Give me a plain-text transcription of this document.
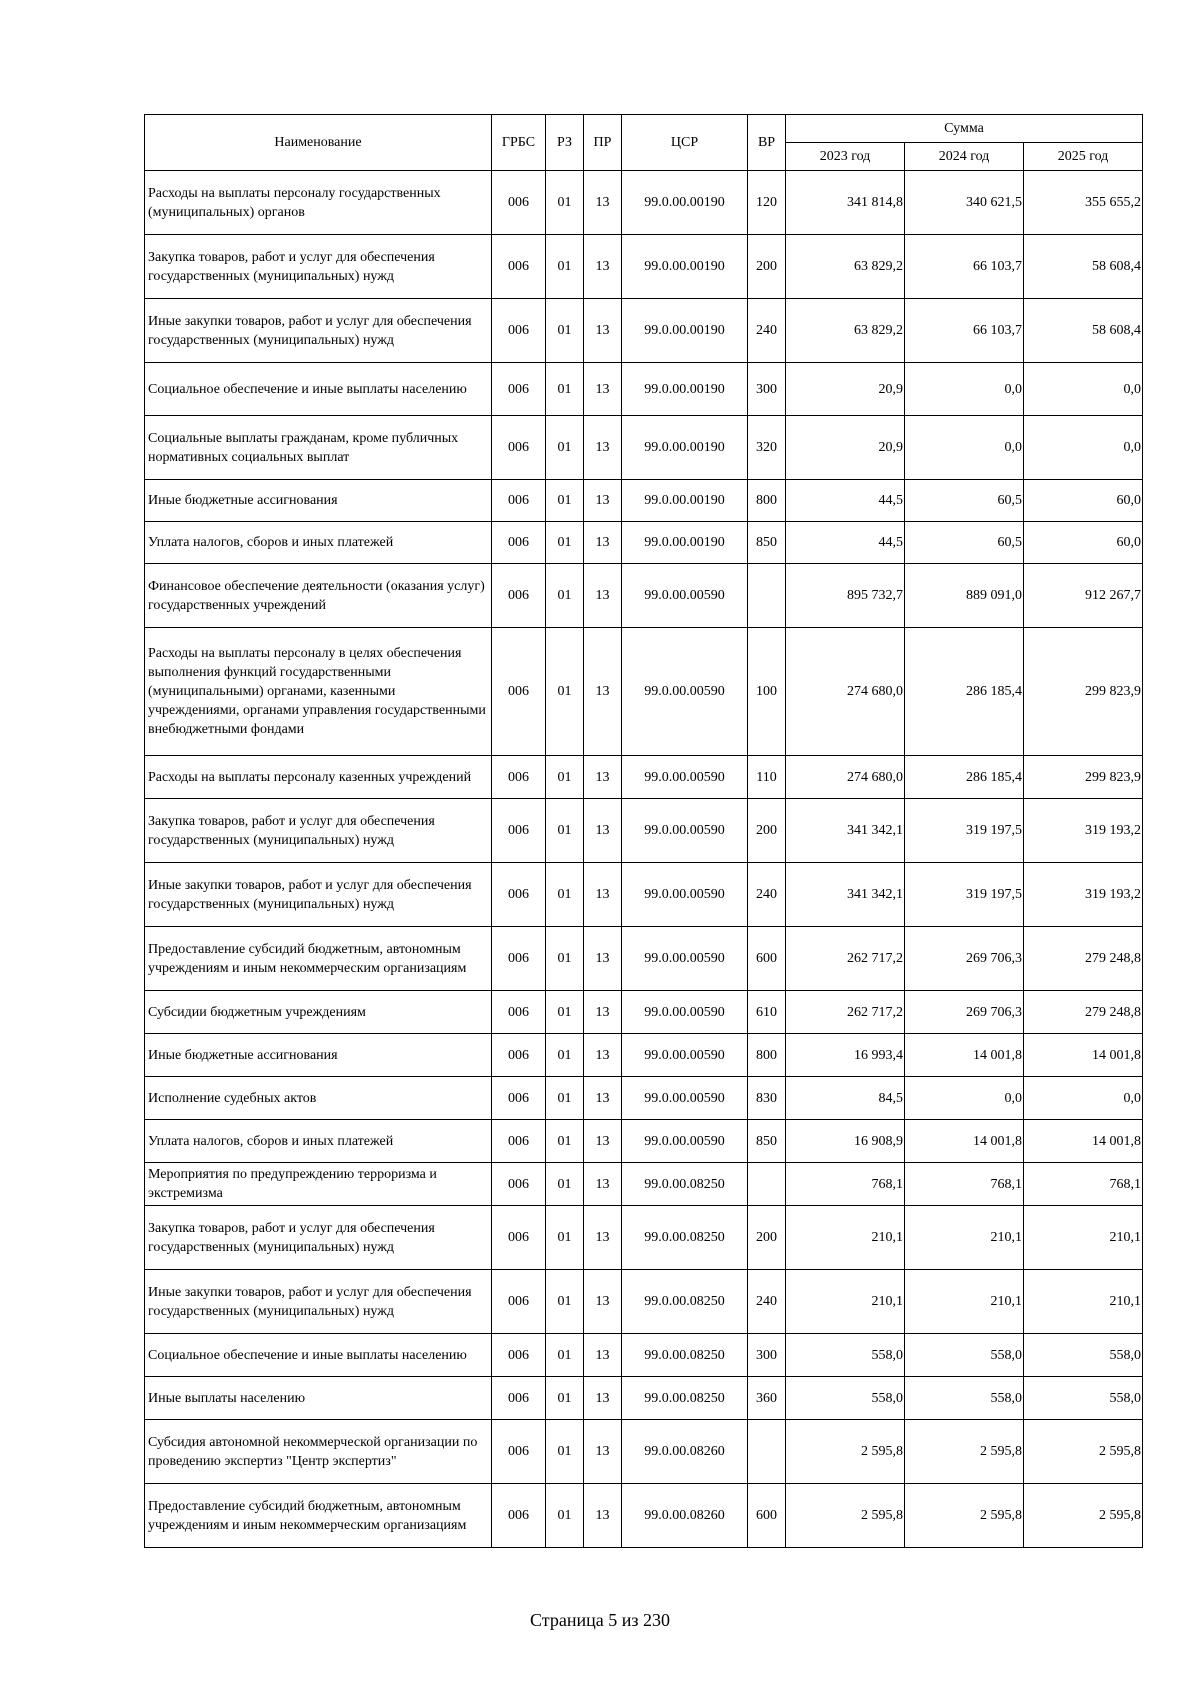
Наименование	ГРБС	РЗ	ПР	ЦСР	ВР	Сумма		
						2023 год	2024 год	2025 год
Расходы на выплаты персоналу государственных (муниципальных) органов	006	01	13	99.0.00.00190	120	341 814,8	340 621,5	355 655,2
Закупка товаров, работ и услуг для обеспечения государственных (муниципальных) нужд	006	01	13	99.0.00.00190	200	63 829,2	66 103,7	58 608,4
Иные закупки товаров, работ и услуг для обеспечения государственных (муниципальных) нужд	006	01	13	99.0.00.00190	240	63 829,2	66 103,7	58 608,4
Социальное обеспечение и иные выплаты населению	006	01	13	99.0.00.00190	300	20,9	0,0	0,0
Социальные выплаты гражданам, кроме публичных нормативных социальных выплат	006	01	13	99.0.00.00190	320	20,9	0,0	0,0
Иные бюджетные ассигнования	006	01	13	99.0.00.00190	800	44,5	60,5	60,0
Уплата налогов, сборов и иных платежей	006	01	13	99.0.00.00190	850	44,5	60,5	60,0
Финансовое обеспечение деятельности (оказания услуг) государственных учреждений	006	01	13	99.0.00.00590		895 732,7	889 091,0	912 267,7
Расходы на выплаты персоналу в целях обеспечения выполнения функций государственными (муниципальными) органами, казенными учреждениями, органами управления государственными внебюджетными фондами	006	01	13	99.0.00.00590	100	274 680,0	286 185,4	299 823,9
Расходы на выплаты персоналу казенных учреждений	006	01	13	99.0.00.00590	110	274 680,0	286 185,4	299 823,9
Закупка товаров, работ и услуг для обеспечения государственных (муниципальных) нужд	006	01	13	99.0.00.00590	200	341 342,1	319 197,5	319 193,2
Иные закупки товаров, работ и услуг для обеспечения государственных (муниципальных) нужд	006	01	13	99.0.00.00590	240	341 342,1	319 197,5	319 193,2
Предоставление субсидий бюджетным, автономным учреждениям и иным некоммерческим организациям	006	01	13	99.0.00.00590	600	262 717,2	269 706,3	279 248,8
Субсидии бюджетным учреждениям	006	01	13	99.0.00.00590	610	262 717,2	269 706,3	279 248,8
Иные бюджетные ассигнования	006	01	13	99.0.00.00590	800	16 993,4	14 001,8	14 001,8
Исполнение судебных актов	006	01	13	99.0.00.00590	830	84,5	0,0	0,0
Уплата налогов, сборов и иных платежей	006	01	13	99.0.00.00590	850	16 908,9	14 001,8	14 001,8
Мероприятия по предупреждению терроризма и экстремизма	006	01	13	99.0.00.08250		768,1	768,1	768,1
Закупка товаров, работ и услуг для обеспечения государственных (муниципальных) нужд	006	01	13	99.0.00.08250	200	210,1	210,1	210,1
Иные закупки товаров, работ и услуг для обеспечения государственных (муниципальных) нужд	006	01	13	99.0.00.08250	240	210,1	210,1	210,1
Социальное обеспечение и иные выплаты населению	006	01	13	99.0.00.08250	300	558,0	558,0	558,0
Иные выплаты населению	006	01	13	99.0.00.08250	360	558,0	558,0	558,0
Субсидия автономной некоммерческой организации по проведению экспертиз "Центр экспертиз"	006	01	13	99.0.00.08260		2 595,8	2 595,8	2 595,8
Предоставление субсидий бюджетным, автономным учреждениям и иным некоммерческим организациям	006	01	13	99.0.00.08260	600	2 595,8	2 595,8	2 595,8
Страница 5 из 230
